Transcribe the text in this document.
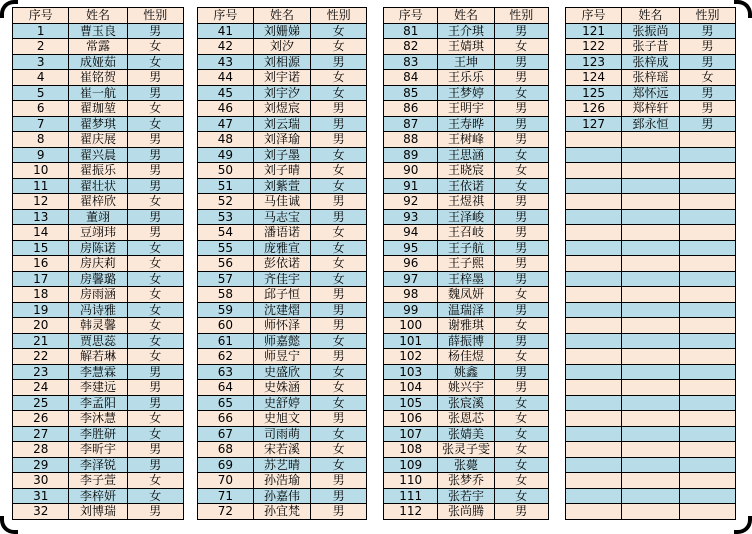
序号	姓名	性别
1	曹玉良	男
2	常露	女
3	成娅茹	女
4	崔铭贺	男
5	崔一航	男
6	翟珈堃	女
7	翟梦琪	女
8	翟庆展	男
9	翟兴晨	男
10	翟振乐	男
11	翟壮状	男
12	翟梓欣	女
13	董翊	男
14	豆翊玮	男
15	房陈诺	女
16	房庆莉	女
17	房馨璐	女
18	房雨涵	女
19	冯诗雅	女
20	韩灵馨	女
21	贾思蕊	女
22	解若琳	女
23	李慧霖	男
24	李建远	男
25	李孟阳	男
26	李沐慧	女
27	李胜研	女
28	李昕宇	男
29	李泽锐	男
30	李子萱	女
31	李梓妍	女
32	刘博瑞	男
序号	姓名	性别
41	刘姗娣	女
42	刘汐	女
43	刘相源	男
44	刘宇诺	女
45	刘宇汐	女
46	刘煜宸	男
47	刘云瑞	男
48	刘泽瑜	男
49	刘子墨	女
50	刘子晴	女
51	刘紫萱	女
52	马佳诚	男
53	马志宝	男
54	潘语诺	女
55	庞雅宣	女
56	彭依诺	女
57	齐佳宇	女
58	邱子恒	男
59	沈建熠	男
60	师怀泽	男
61	师嘉懿	女
62	师昱宁	男
63	史盛欣	女
64	史姝涵	女
65	史舒婷	女
66	史旭文	男
67	司雨萌	女
68	宋若溪	女
69	苏艺晴	女
70	孙浩瑜	男
71	孙嘉伟	男
72	孙宜梵	男
序号	姓名	性别
81	王介琪	男
82	王婧琪	女
83	王坤	男
84	王乐乐	男
85	王梦婷	女
86	王明宇	男
87	王寿晔	男
88	王树峰	男
89	王思涵	女
90	王晓宸	女
91	王依诺	女
92	王煜祺	男
93	王泽峻	男
94	王召岐	男
95	王子航	男
96	王子熙	男
97	王梓墨	男
98	魏凤妍	女
99	温瑞泽	男
100	谢雅琪	女
101	薛振博	男
102	杨佳煜	女
103	姚鑫	男
104	姚兴宇	男
105	张宸溪	女
106	张恩芯	女
107	张婧美	女
108	张灵子雯	女
109	张薨	女
110	张梦乔	女
111	张若宇	女
112	张尚腾	男
序号	姓名	性别
121	张振尚	男
122	张子昔	男
123	张梓成	男
124	张梓瑶	女
125	郑怀远	男
126	郑梓轩	男
127	郅永恒	男
